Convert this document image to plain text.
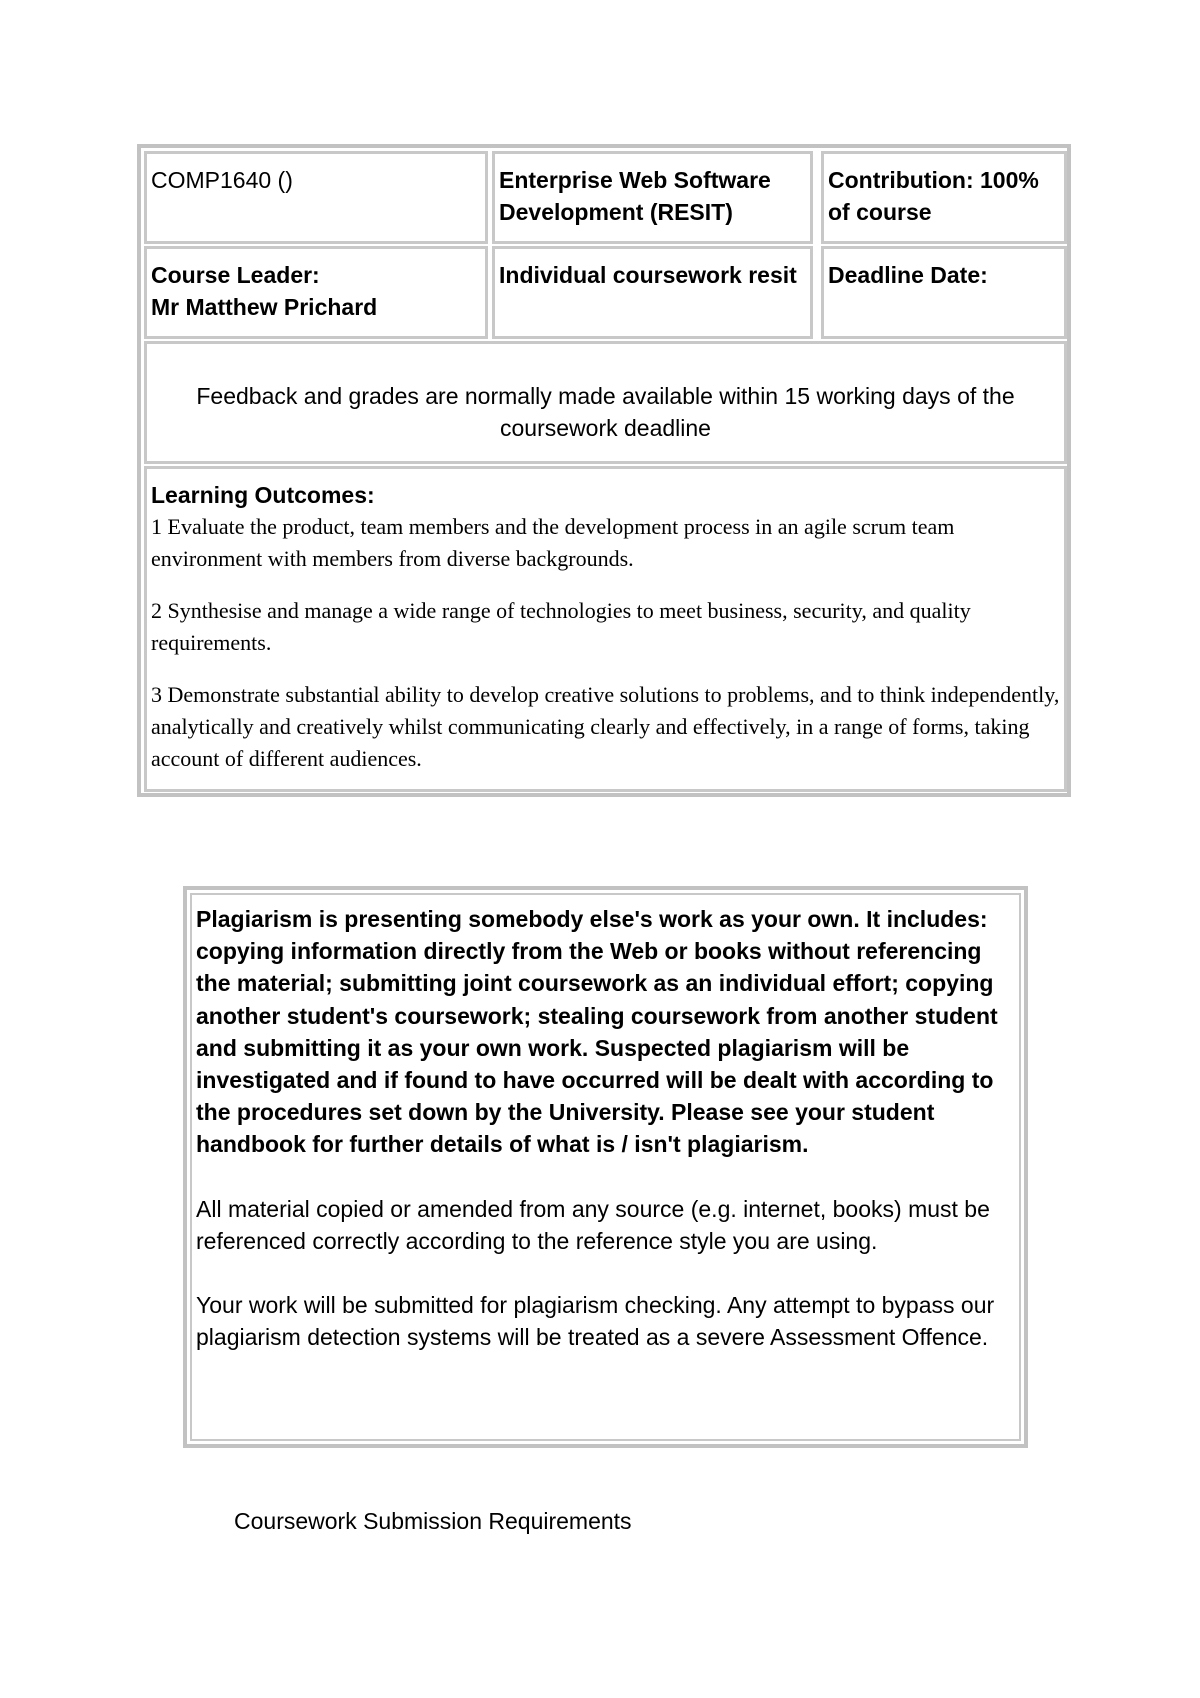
COMP1640 ()	Enterprise Web Software Development (RESIT)
Contribution: 100% of course
Course Leader:
Mr Matthew Prichard
Individual coursework resit	Deadline Date:
Feedback and grades are normally made available within 15 working days of the coursework deadline
Learning Outcomes:

1 Evaluate the product, team members and the development process in an agile scrum team environment with members from diverse backgrounds.

2 Synthesise and manage a wide range of technologies to meet business, security, and quality requirements.

3 Demonstrate substantial ability to develop creative solutions to problems, and to think independently, analytically and creatively whilst communicating clearly and effectively, in a range of forms, taking account of different audiences.

Plagiarism is presenting somebody else's work as your own. It includes: copying information directly from the Web or books without referencing the material; submitting joint coursework as an individual effort; copying another student's coursework; stealing coursework from another student and submitting it as your own work. Suspected plagiarism will be investigated and if found to have occurred will be dealt with according to the procedures set down by the University. Please see your student handbook for further details of what is / isn't plagiarism.

All material copied or amended from any source (e.g. internet, books) must be referenced correctly according to the reference style you are using.

Your work will be submitted for plagiarism checking. Any attempt to bypass our plagiarism detection systems will be treated as a severe Assessment Offence.

Coursework Submission Requirements
